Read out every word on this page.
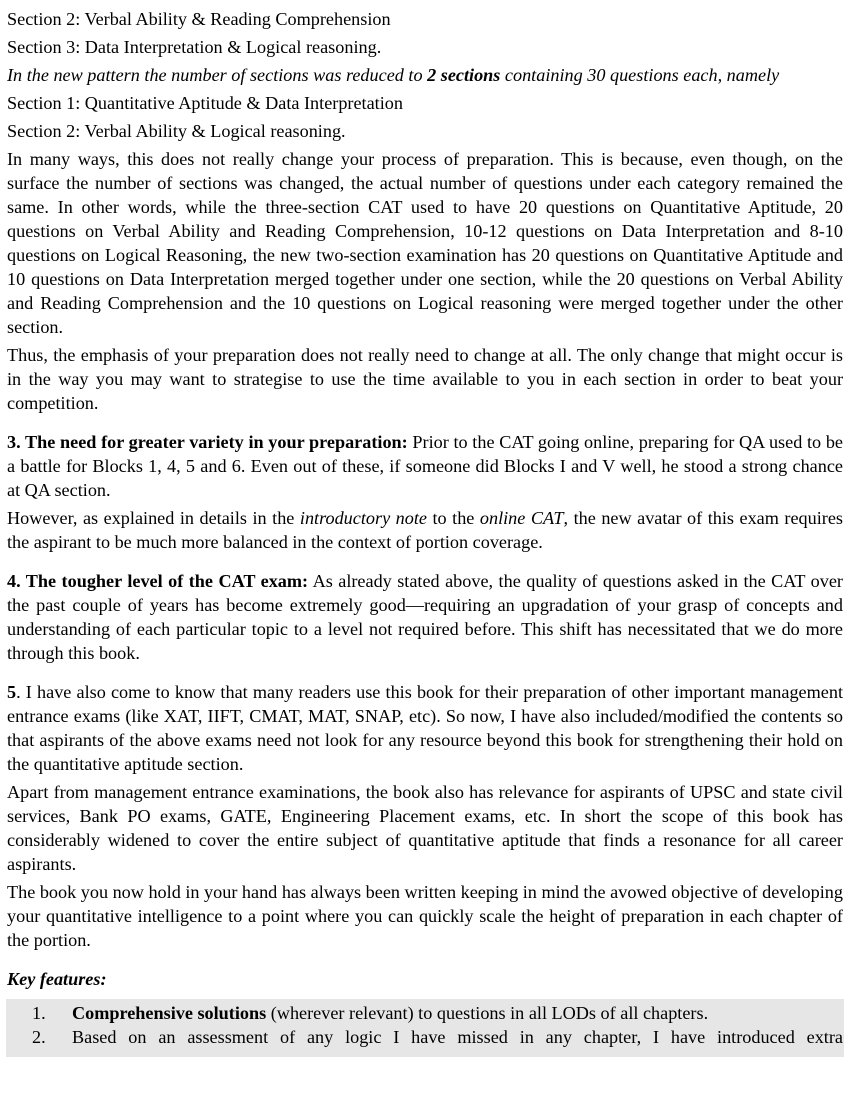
Section 2: Verbal Ability & Reading Comprehension

Section 3: Data Interpretation & Logical reasoning.

In the new pattern the number of sections was reduced to 2 sections containing 30 questions each, namely

Section 1: Quantitative Aptitude & Data Interpretation

Section 2: Verbal Ability & Logical reasoning.

In many ways, this does not really change your process of preparation. This is because, even though, on the surface the number of sections was changed, the actual number of questions under each category remained the same. In other words, while the three-section CAT used to have 20 questions on Quantitative Aptitude, 20 questions on Verbal Ability and Reading Comprehension, 10-12 questions on Data Interpretation and 8-10 questions on Logical Reasoning, the new two-section examination has 20 questions on Quantitative Aptitude and 10 questions on Data Interpretation merged together under one section, while the 20 questions on Verbal Ability and Reading Comprehension and the 10 questions on Logical reasoning were merged together under the other section.

Thus, the emphasis of your preparation does not really need to change at all. The only change that might occur is in the way you may want to strategise to use the time available to you in each section in order to beat your competition.

3. The need for greater variety in your preparation: Prior to the CAT going online, preparing for QA used to be a battle for Blocks 1, 4, 5 and 6. Even out of these, if someone did Blocks I and V well, he stood a strong chance at QA section.

However, as explained in details in the introductory note to the online CAT, the new avatar of this exam requires the aspirant to be much more balanced in the context of portion coverage.

4. The tougher level of the CAT exam: As already stated above, the quality of questions asked in the CAT over the past couple of years has become extremely good—requiring an upgradation of your grasp of concepts and understanding of each particular topic to a level not required before. This shift has necessitated that we do more through this book.

5. I have also come to know that many readers use this book for their preparation of other important management entrance exams (like XAT, IIFT, CMAT, MAT, SNAP, etc). So now, I have also included/modified the contents so that aspirants of the above exams need not look for any resource beyond this book for strengthening their hold on the quantitative aptitude section.

Apart from management entrance examinations, the book also has relevance for aspirants of UPSC and state civil services, Bank PO exams, GATE, Engineering Placement exams, etc. In short the scope of this book has considerably widened to cover the entire subject of quantitative aptitude that finds a resonance for all career aspirants.

The book you now hold in your hand has always been written keeping in mind the avowed objective of developing your quantitative intelligence to a point where you can quickly scale the height of preparation in each chapter of the portion.

Key features:

1.	Comprehensive solutions (wherever relevant) to questions in all LODs of all chapters.
2.	Based on an assessment of any logic I have missed in any chapter, I have introduced extra
